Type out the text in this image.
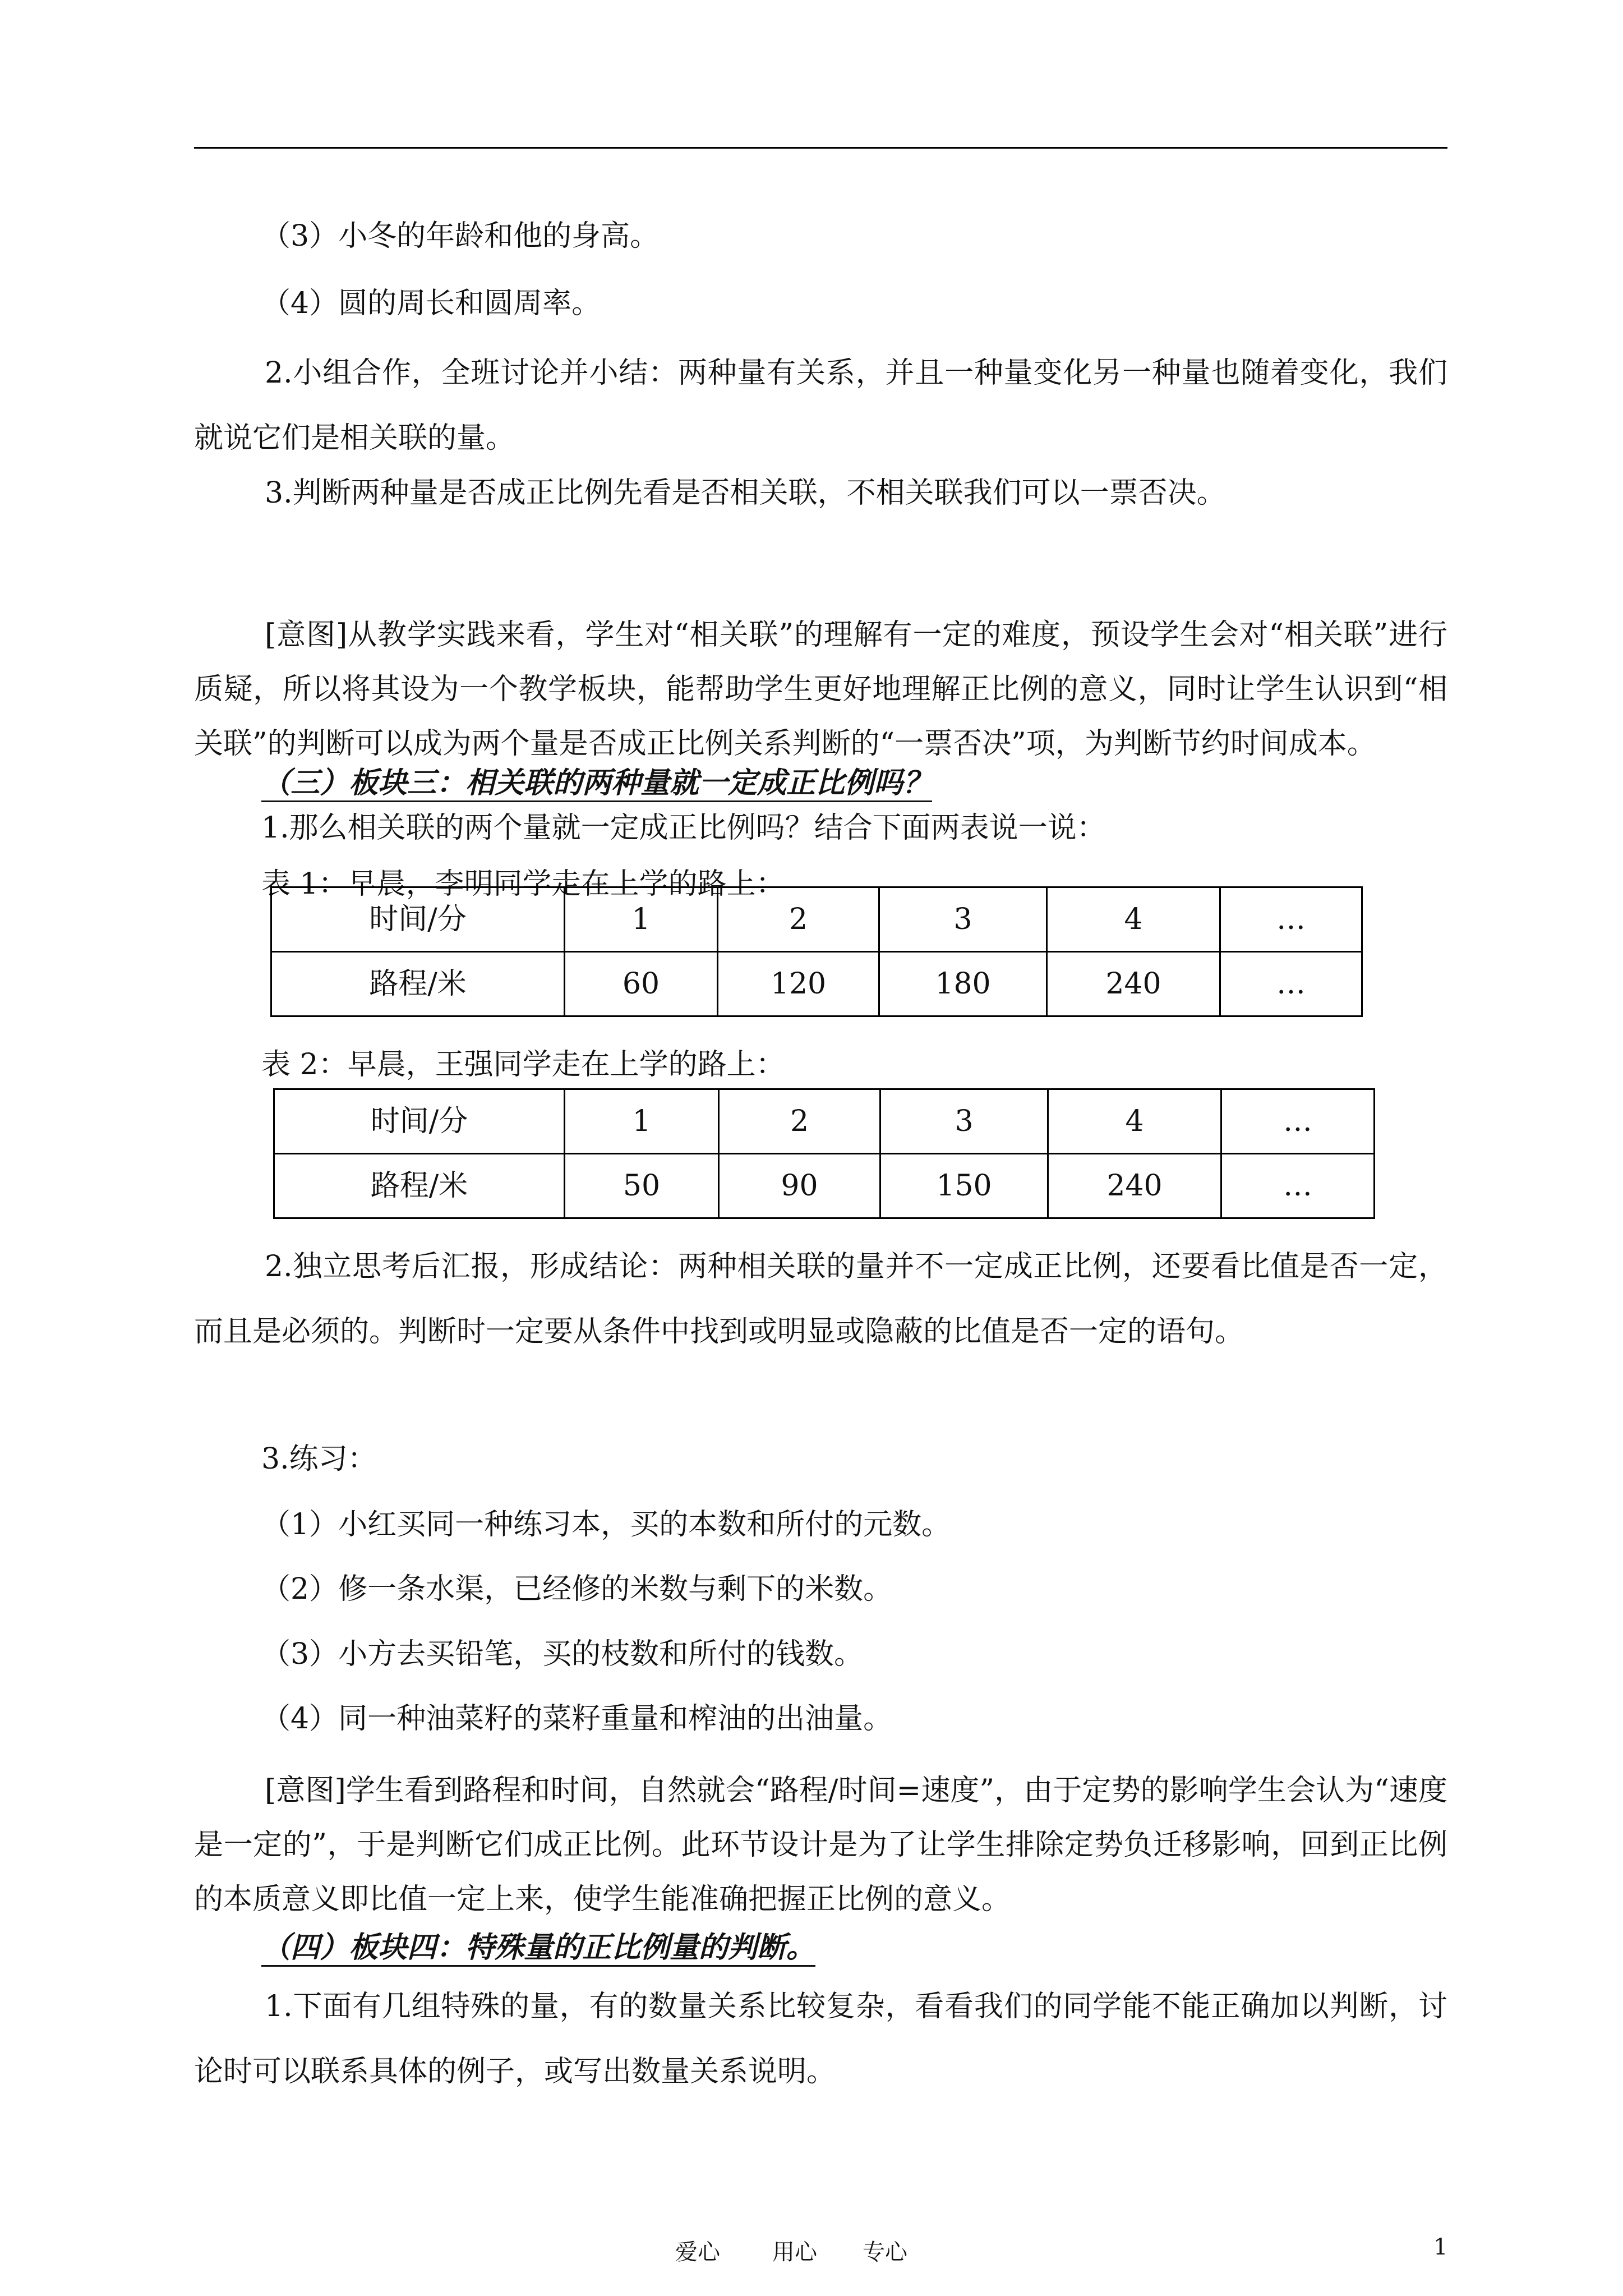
（3）小冬的年龄和他的身高。
（4）圆的周长和圆周率。
2.小组合作，全班讨论并小结：两种量有关系，并且一种量变化另一种量也随着变化，我们就说它们是相关联的量。
3.判断两种量是否成正比例先看是否相关联，不相关联我们可以一票否决。
[意图]从教学实践来看，学生对“相关联”的理解有一定的难度，预设学生会对“相关联”进行质疑，所以将其设为一个教学板块，能帮助学生更好地理解正比例的意义，同时让学生认识到“相关联”的判断可以成为两个量是否成正比例关系判断的“一票否决”项，为判断节约时间成本。
（三）板块三：相关联的两种量就一定成正比例吗？
1.那么相关联的两个量就一定成正比例吗？结合下面两表说一说：
表 1：早晨，李明同学走在上学的路上：
时间/分	1	2	3	4	…
路程/米	60	120	180	240	…
表 2：早晨，王强同学走在上学的路上：
时间/分	1	2	3	4	…
路程/米	50	90	150	240	…
2.独立思考后汇报，形成结论：两种相关联的量并不一定成正比例，还要看比值是否一定，而且是必须的。判断时一定要从条件中找到或明显或隐蔽的比值是否一定的语句。
3.练习：
（1）小红买同一种练习本，买的本数和所付的元数。
（2）修一条水渠，已经修的米数与剩下的米数。
（3）小方去买铅笔，买的枝数和所付的钱数。
（4）同一种油菜籽的菜籽重量和榨油的出油量。
[意图]学生看到路程和时间，自然就会“路程/时间=速度”，由于定势的影响学生会认为“速度是一定的”，于是判断它们成正比例。此环节设计是为了让学生排除定势负迁移影响，回到正比例的本质意义即比值一定上来，使学生能准确把握正比例的意义。
（四）板块四：特殊量的正比例量的判断。
1.下面有几组特殊的量，有的数量关系比较复杂，看看我们的同学能不能正确加以判断，讨论时可以联系具体的例子，或写出数量关系说明。
爱心 用心 专心	1
